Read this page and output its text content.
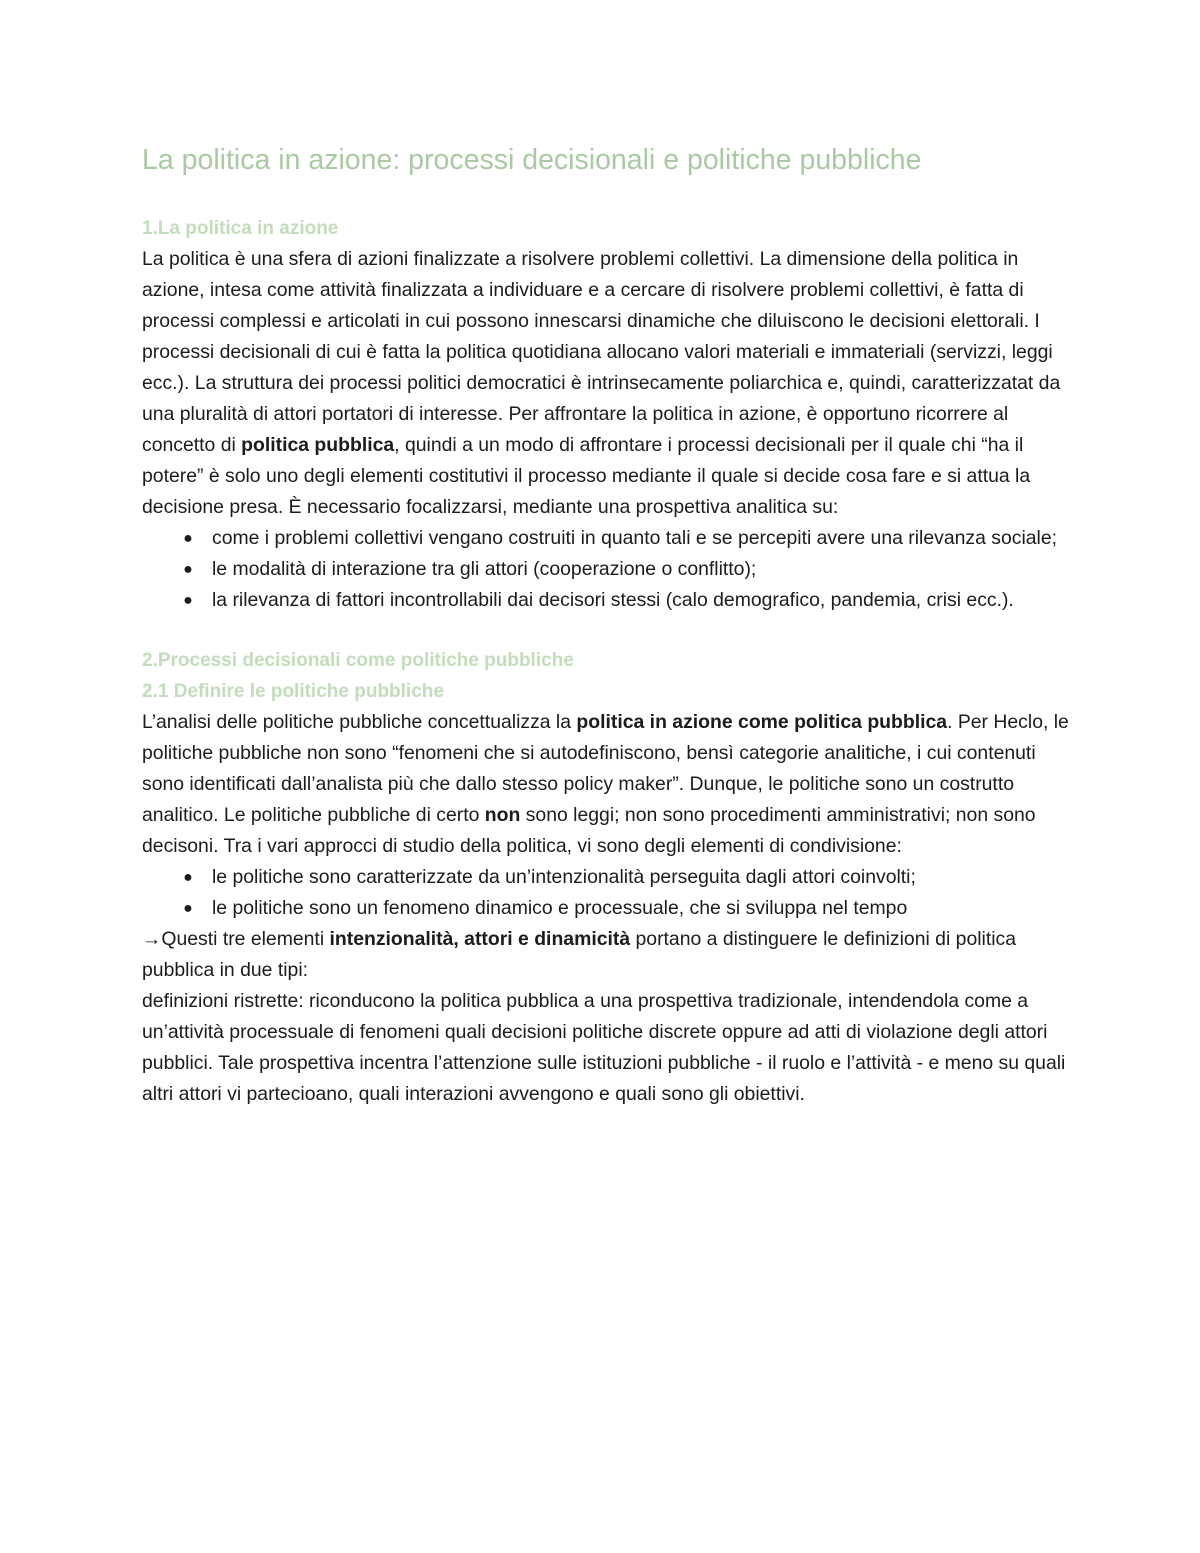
La politica in azione: processi decisionali e politiche pubbliche
1.La politica in azione

La politica è una sfera di azioni finalizzate a risolvere problemi collettivi. La dimensione della politica in azione, intesa come attività finalizzata a individuare e a cercare di risolvere problemi collettivi, è fatta di processi complessi e articolati in cui possono innescarsi dinamiche che diluiscono le decisioni elettorali. I processi decisionali di cui è fatta la politica quotidiana allocano valori materiali e immateriali (servizzi, leggi ecc.). La struttura dei processi politici democratici è intrinsecamente poliarchica e, quindi, caratterizzatat da una pluralità di attori portatori di interesse. Per affrontare la politica in azione, è opportuno ricorrere al concetto di politica pubblica, quindi a un modo di affrontare i processi decisionali per il quale chi “ha il potere” è solo uno degli elementi costitutivi il processo mediante il quale si decide cosa fare e si attua la decisione presa. È necessario focalizzarsi, mediante una prospettiva analitica su:

● come i problemi collettivi vengano costruiti in quanto tali e se percepiti avere una rilevanza sociale;
● le modalità di interazione tra gli attori (cooperazione o conflitto);
● la rilevanza di fattori incontrollabili dai decisori stessi (calo demografico, pandemia, crisi ecc.).
2.Processi decisionali come politiche pubbliche
2.1 Definire le politiche pubbliche

L’analisi delle politiche pubbliche concettualizza la politica in azione come politica pubblica. Per Heclo, le politiche pubbliche non sono “fenomeni che si autodefiniscono, bensì categorie analitiche, i cui contenuti sono identificati dall’analista più che dallo stesso policy maker”. Dunque, le politiche sono un costrutto analitico. Le politiche pubbliche di certo non sono leggi; non sono procedimenti amministrativi; non sono decisoni. Tra i vari approcci di studio della politica, vi sono degli elementi di condivisione:

● le politiche sono caratterizzate da un’intenzionalità perseguita dagli attori coinvolti;
● le politiche sono un fenomeno dinamico e processuale, che si sviluppa nel tempo

→Questi tre elementi intenzionalità, attori e dinamicità portano a distinguere le definizioni di politica pubblica in due tipi:

definizioni ristrette: riconducono la politica pubblica a una prospettiva tradizionale, intendendola come a un’attività processuale di fenomeni quali decisioni politiche discrete oppure ad atti di violazione degli attori pubblici. Tale prospettiva incentra l’attenzione sulle istituzioni pubbliche - il ruolo e l’attività - e meno su quali altri attori vi partecioano, quali interazioni avvengono e quali sono gli obiettivi.
